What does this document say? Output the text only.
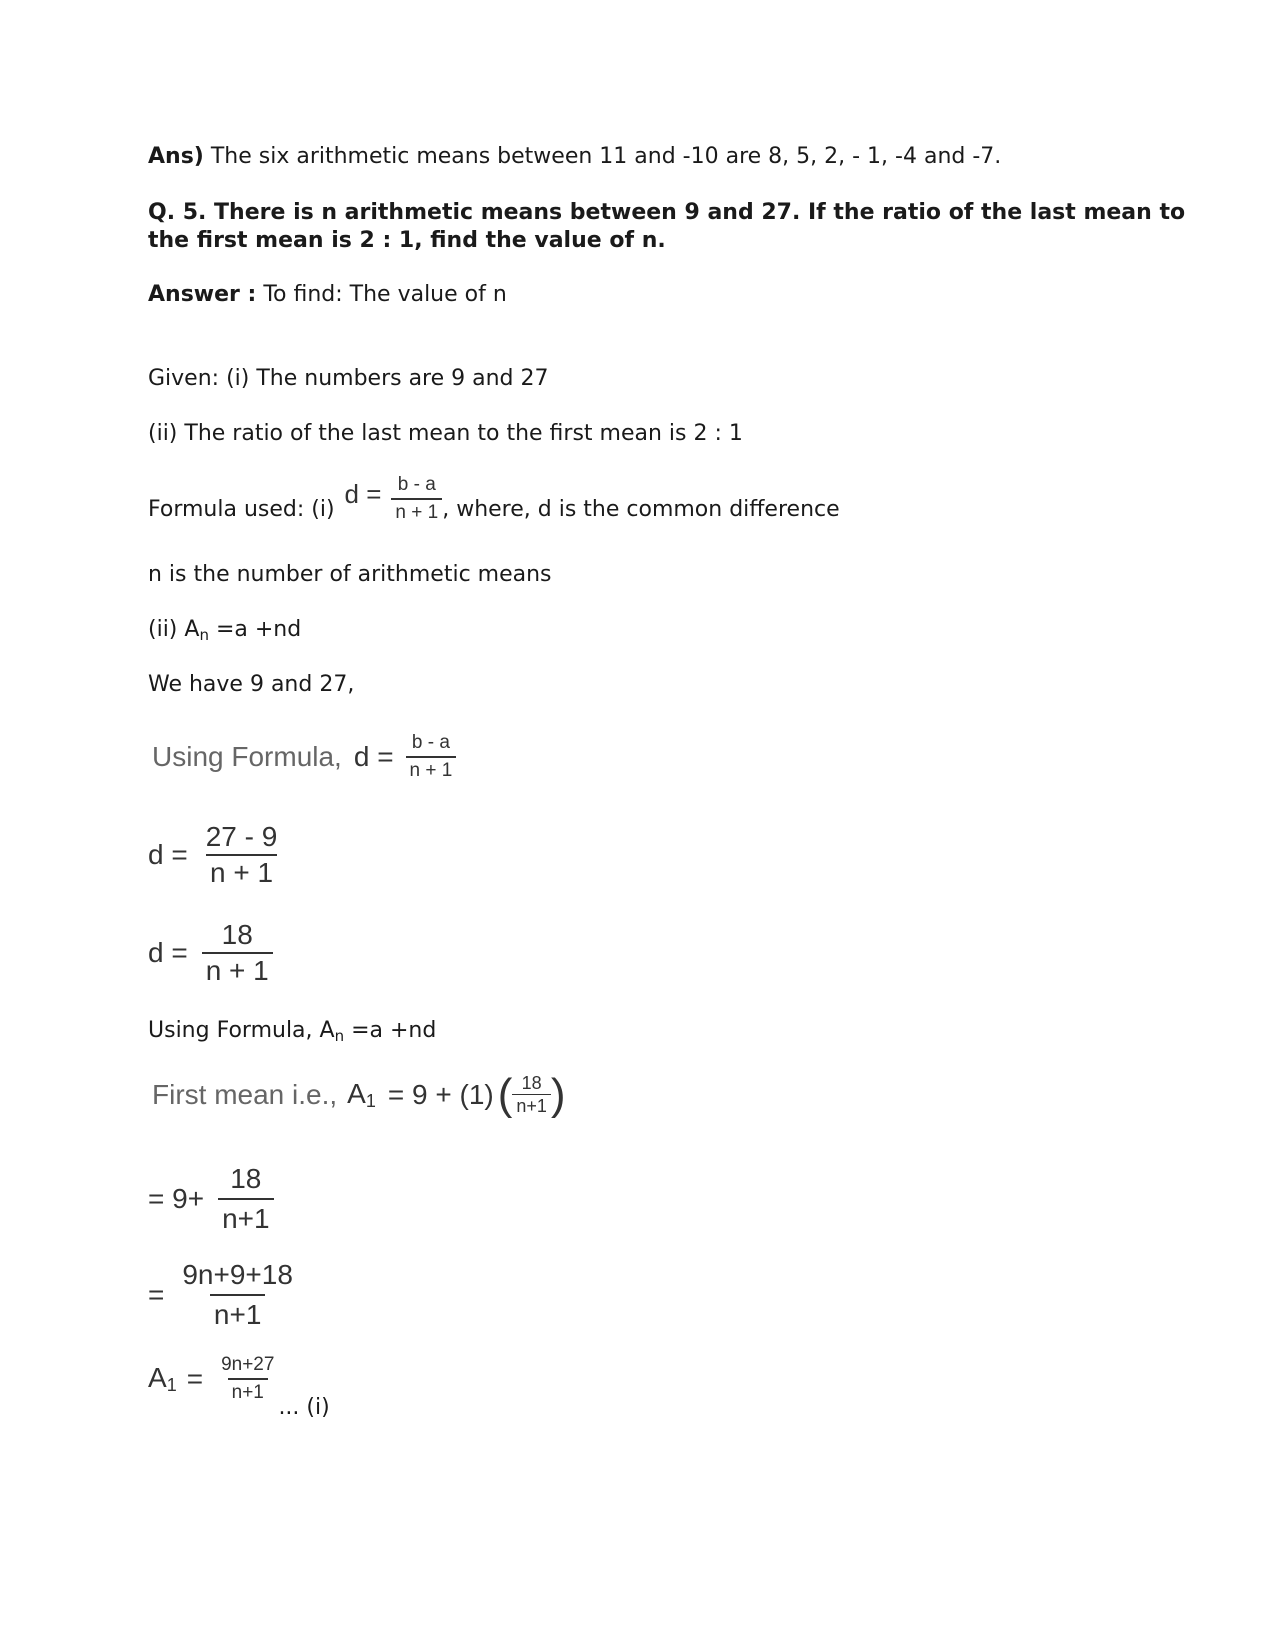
Ans) The six arithmetic means between 11 and -10 are 8, 5, 2, - 1, -4 and -7.
Q. 5. There is n arithmetic means between 9 and 27. If the ratio of the last mean to
the first mean is 2 : 1, find the value of n.
Answer : To find: The value of n
Given: (i) The numbers are 9 and 27
(ii) The ratio of the last mean to the first mean is 2 : 1
Formula used: (i)
$d = \frac{b - a}{n + 1}$ , where, d is the common difference
n is the number of arithmetic means
(ii) $A_n =a +nd$
We have 9 and 27,
Using Formula, $d = \frac{b - a}{n + 1}$
$d = \frac{27 - 9}{n + 1}$
$d = \frac{18}{n + 1}$
Using Formula, $A_n =a +nd$
First mean i.e., $A_1 = 9 + (1)$ ( $\frac{18}{n+1}$ )
= $9+ \frac{18}{n+1}$
= $\frac{9n+9+18}{n+1}$
$A_1 = \frac{9n+27}{n+1}$
... (i)
